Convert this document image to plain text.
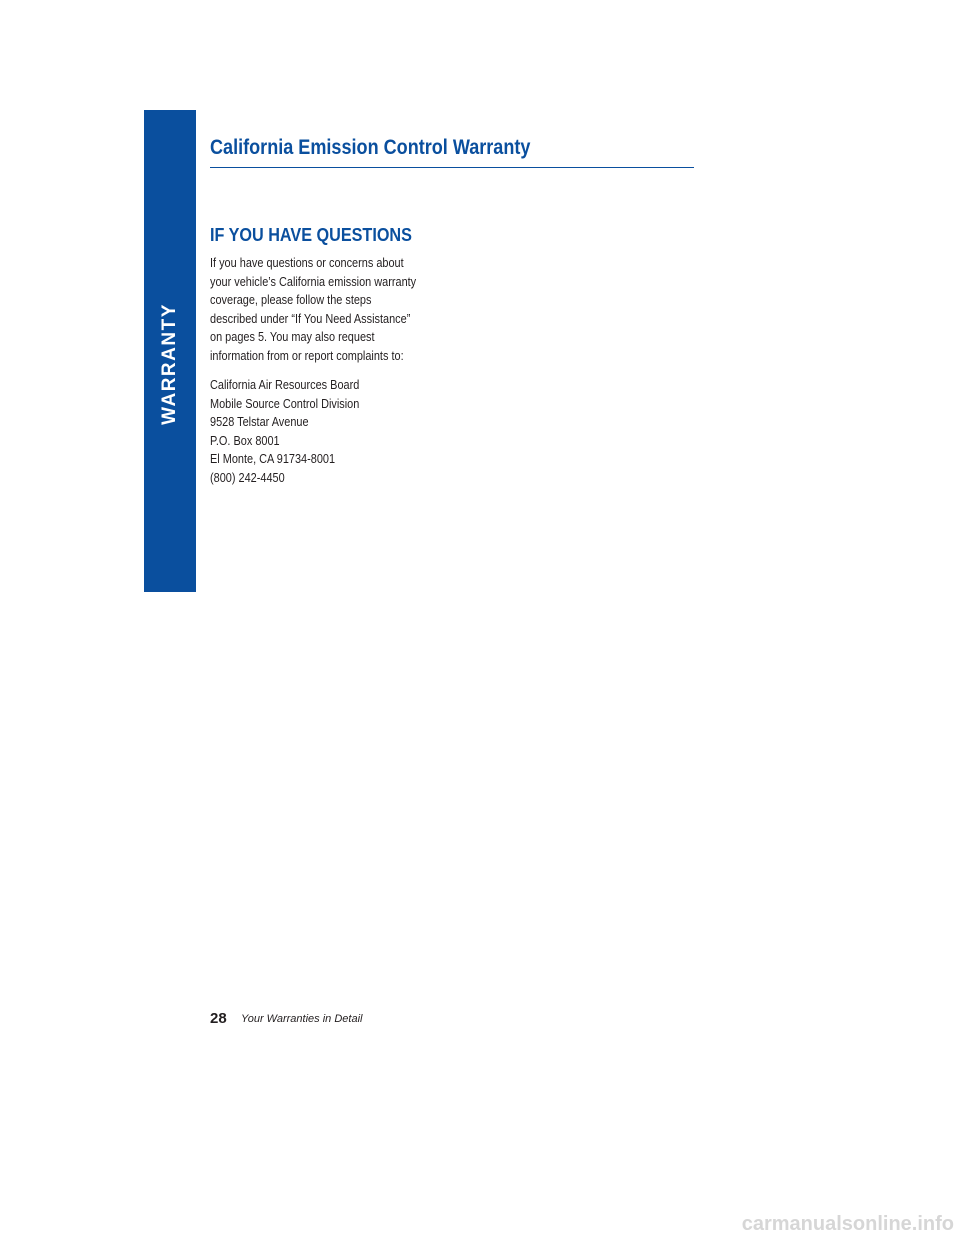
WARRANTY
California Emission Control Warranty
IF YOU HAVE QUESTIONS
If you have questions or concerns about
your vehicle’s California emission warranty
coverage, please follow the steps
described under “If You Need Assistance”
on pages 5. You may also request
information from or report complaints to:
California Air Resources Board
Mobile Source Control Division
9528 Telstar Avenue
P.O. Box 8001
El Monte, CA 91734-8001
(800) 242-4450
28 Your Warranties in Detail
carmanualsonline.info
